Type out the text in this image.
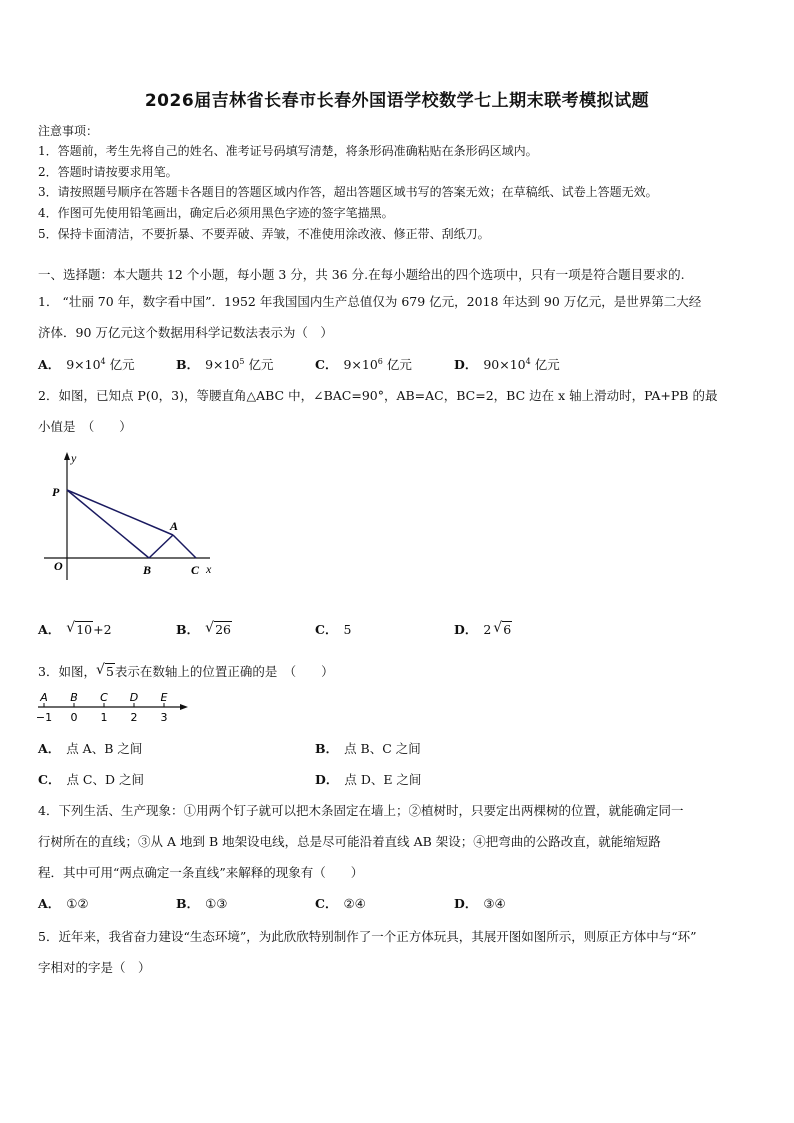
2026届吉林省长春市长春外国语学校数学七上期末联考模拟试题
注意事项：
1．答题前，考生先将自己的姓名、准考证号码填写清楚，将条形码准确粘贴在条形码区域内。
2．答题时请按要求用笔。
3．请按照题号顺序在答题卡各题目的答题区域内作答，超出答题区域书写的答案无效；在草稿纸、试卷上答题无效。
4．作图可先使用铅笔画出，确定后必须用黑色字迹的签字笔描黑。
5．保持卡面清洁，不要折暴、不要弄破、弄皱，不准使用涂改液、修正带、刮纸刀。
一、选择题：本大题共 12 个小题，每小题 3 分，共 36 分.在每小题给出的四个选项中，只有一项是符合题目要求的.
1． “壮丽 70 年，数字看中国”．1952 年我国国内生产总值仅为 679 亿元，2018 年达到 90 万亿元，是世界第二大经
济体．90 万亿元这个数据用科学记数法表示为（　）
A． $9\times 10^4$ 亿元	B． $9\times 10^5$ 亿元	C． $9\times 10^6$ 亿元	D． $90\times 10^4$ 亿元
2．如图，已知点 P(0，3)，等腰直角△ABC 中，∠BAC=90°，AB=AC，BC=2，BC 边在 x 轴上滑动时，PA+PB 的最
小值是　（　　）
y
P
A
O	B	C x
A． √ 10+2	B． √ 26	C． 5	D． 2 √ 6
3．如图， √ 5表示在数轴上的位置正确的是　（　　）
A
−1
B
0
C
1
D
2
E
3
A． 点 A、B 之间	B． 点 B、C 之间
C． 点 C、D 之间	D． 点 D、E 之间
4．下列生活、生产现象：①用两个钉子就可以把木条固定在墙上；②植树时，只要定出两棵树的位置，就能确定同一
行树所在的直线；③从 A 地到 B 地架设电线，总是尽可能沿着直线 AB 架设；④把弯曲的公路改直，就能缩短路
程．其中可用“两点确定一条直线”来解释的现象有（　　）
A． ①②	B． ①③	C． ②④	D． ③④
5．近年来，我省奋力建设“生态环境”，为此欣欣特别制作了一个正方体玩具，其展开图如图所示，则原正方体中与“环”
字相对的字是（　）
